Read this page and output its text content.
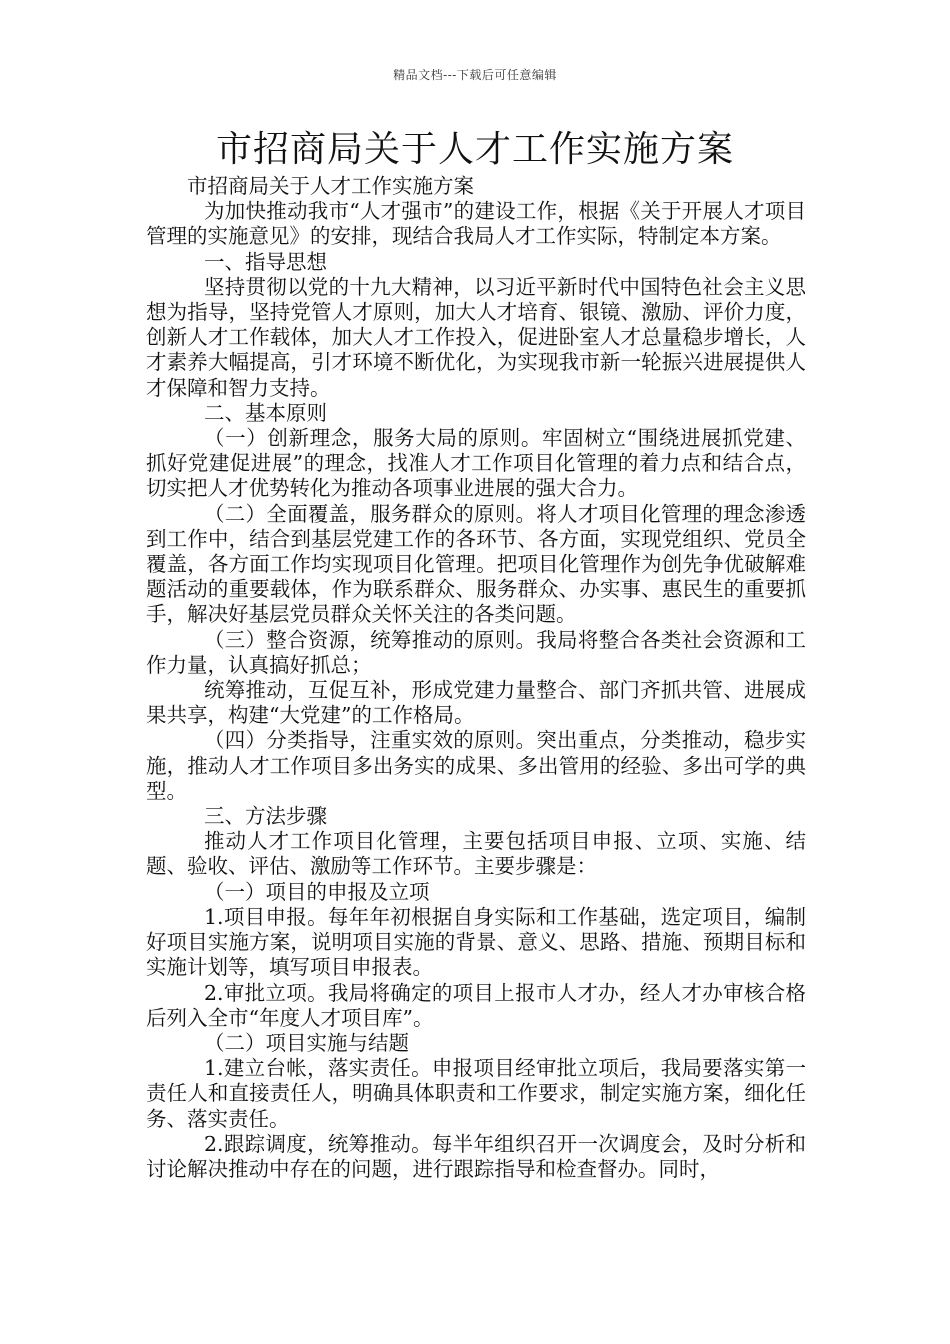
精品文档---下载后可任意编辑
市招商局关于人才工作实施方案

市招商局关于人才工作实施方案

为加快推动我市“人才强市”的建设工作，根据《关于开展人才项目管理的实施意见》的安排，现结合我局人才工作实际，特制定本方案。

一、指导思想

坚持贯彻以党的十九大精神，以习近平新时代中国特色社会主义思想为指导，坚持党管人才原则，加大人才培育、银镜、激励、评价力度，创新人才工作载体，加大人才工作投入，促进卧室人才总量稳步增长，人才素养大幅提高，引才环境不断优化，为实现我市新一轮振兴进展提供人才保障和智力支持。

二、基本原则

（一）创新理念，服务大局的原则。牢固树立“围绕进展抓党建、抓好党建促进展”的理念，找准人才工作项目化管理的着力点和结合点，切实把人才优势转化为推动各项事业进展的强大合力。

（二）全面覆盖，服务群众的原则。将人才项目化管理的理念渗透到工作中，结合到基层党建工作的各环节、各方面，实现党组织、党员全覆盖，各方面工作均实现项目化管理。把项目化管理作为创先争优破解难题活动的重要载体，作为联系群众、服务群众、办实事、惠民生的重要抓手，解决好基层党员群众关怀关注的各类问题。

（三）整合资源，统筹推动的原则。我局将整合各类社会资源和工作力量，认真搞好抓总；

统筹推动，互促互补，形成党建力量整合、部门齐抓共管、进展成果共享，构建“大党建”的工作格局。

（四）分类指导，注重实效的原则。突出重点，分类推动，稳步实施，推动人才工作项目多出务实的成果、多出管用的经验、多出可学的典型。

三、方法步骤

推动人才工作项目化管理，主要包括项目申报、立项、实施、结题、验收、评估、激励等工作环节。主要步骤是：

（一）项目的申报及立项

1.项目申报。每年年初根据自身实际和工作基础，选定项目，编制好项目实施方案，说明项目实施的背景、意义、思路、措施、预期目标和实施计划等，填写项目申报表。

2.审批立项。我局将确定的项目上报市人才办，经人才办审核合格后列入全市“年度人才项目库”。

（二）项目实施与结题

1.建立台帐，落实责任。申报项目经审批立项后，我局要落实第一责任人和直接责任人，明确具体职责和工作要求，制定实施方案，细化任务、落实责任。

2.跟踪调度，统筹推动。每半年组织召开一次调度会，及时分析和讨论解决推动中存在的问题，进行跟踪指导和检查督办。同时，
